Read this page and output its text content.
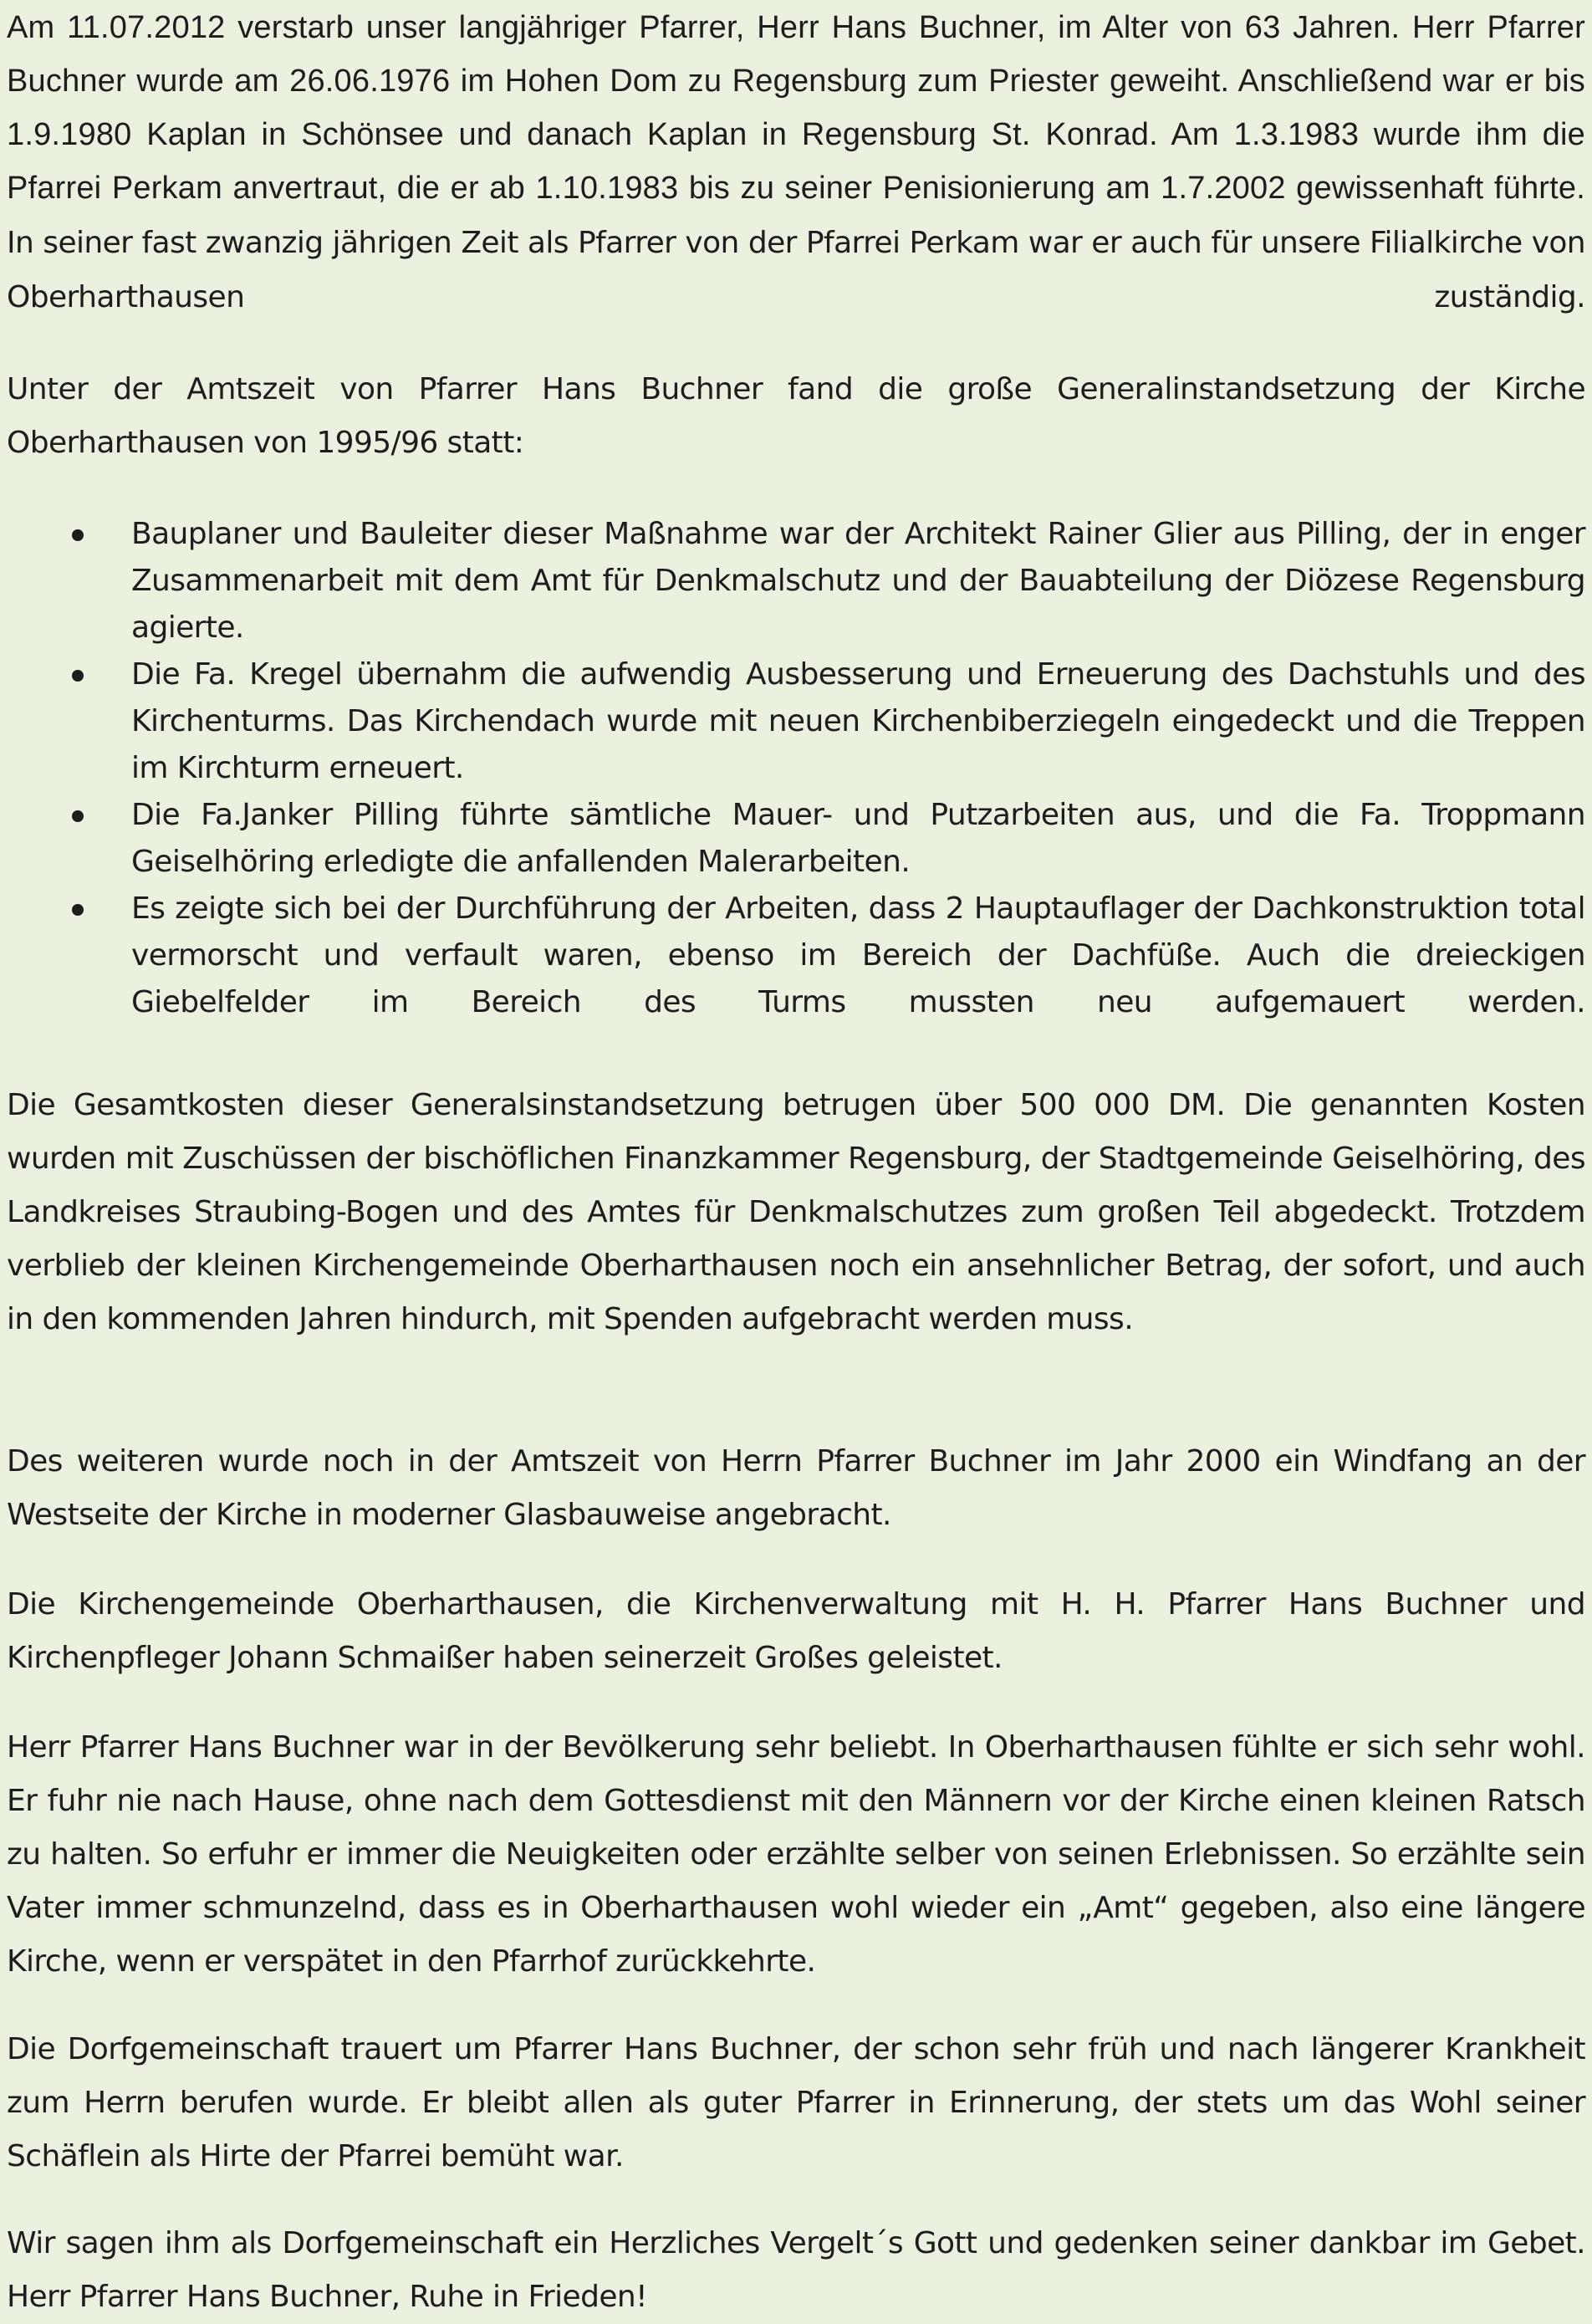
Am 11.07.2012 verstarb unser langjähriger Pfarrer, Herr Hans Buchner, im Alter von 63 Jahren. Herr Pfarrer Buchner wurde am 26.06.1976 im Hohen Dom zu Regensburg zum Priester geweiht. Anschließend war er bis 1.9.1980 Kaplan in Schönsee und danach Kaplan in Regensburg St. Konrad. Am 1.3.1983 wurde ihm die Pfarrei Perkam anvertraut, die er ab 1.10.1983 bis zu seiner Penisionierung am 1.7.2002 gewissenhaft führte. In seiner fast zwanzig jährigen Zeit als Pfarrer von der Pfarrei Perkam war er auch für unsere Filialkirche von Oberharthausen zuständig.

Unter der Amtszeit von Pfarrer Hans Buchner fand die große Generalinstandsetzung der Kirche Oberharthausen von 1995/96 statt:

Bauplaner und Bauleiter dieser Maßnahme war der Architekt Rainer Glier aus Pilling, der in enger Zusammenarbeit mit dem Amt für Denkmalschutz und der Bauabteilung der Diözese Regensburg agierte.
Die Fa. Kregel übernahm die aufwendig Ausbesserung und Erneuerung des Dachstuhls und des Kirchenturms. Das Kirchendach wurde mit neuen Kirchenbiberziegeln eingedeckt und die Treppen im Kirchturm erneuert.
Die Fa.Janker Pilling führte sämtliche Mauer- und Putzarbeiten aus, und die Fa. Troppmann Geiselhöring erledigte die anfallenden Malerarbeiten.
Es zeigte sich bei der Durchführung der Arbeiten, dass 2 Hauptauflager der Dachkonstruktion total vermorscht und verfault waren, ebenso im Bereich der Dachfüße. Auch die dreieckigen Giebelfelder im Bereich des Turms mussten neu aufgemauert werden.

Die Gesamtkosten dieser Generalsinstandsetzung betrugen über 500 000 DM. Die genannten Kosten wurden mit Zuschüssen der bischöflichen Finanzkammer Regensburg, der Stadtgemeinde Geiselhöring, des Landkreises Straubing-Bogen und des Amtes für Denkmalschutzes zum großen Teil abgedeckt. Trotzdem verblieb der kleinen Kirchengemeinde Oberharthausen noch ein ansehnlicher Betrag, der sofort, und auch in den kommenden Jahren hindurch, mit Spenden aufgebracht werden muss.

Des weiteren wurde noch in der Amtszeit von Herrn Pfarrer Buchner im Jahr 2000 ein Windfang an der Westseite der Kirche in moderner Glasbauweise angebracht.

Die Kirchengemeinde Oberharthausen, die Kirchenverwaltung mit H. H. Pfarrer Hans Buchner und Kirchenpfleger Johann Schmaißer haben seinerzeit Großes geleistet.

Herr Pfarrer Hans Buchner war in der Bevölkerung sehr beliebt. In Oberharthausen fühlte er sich sehr wohl. Er fuhr nie nach Hause, ohne nach dem Gottesdienst mit den Männern vor der Kirche einen kleinen Ratsch zu halten. So erfuhr er immer die Neuigkeiten oder erzählte selber von seinen Erlebnissen. So erzählte sein Vater immer schmunzelnd, dass es in Oberharthausen wohl wieder ein „Amt“ gegeben, also eine längere Kirche, wenn er verspätet in den Pfarrhof zurückkehrte.

Die Dorfgemeinschaft trauert um Pfarrer Hans Buchner, der schon sehr früh und nach längerer Krankheit zum Herrn berufen wurde. Er bleibt allen als guter Pfarrer in Erinnerung, der stets um das Wohl seiner Schäflein als Hirte der Pfarrei bemüht war.

Wir sagen ihm als Dorfgemeinschaft ein Herzliches Vergelt´s Gott und gedenken seiner dankbar im Gebet. Herr Pfarrer Hans Buchner, Ruhe in Frieden!
